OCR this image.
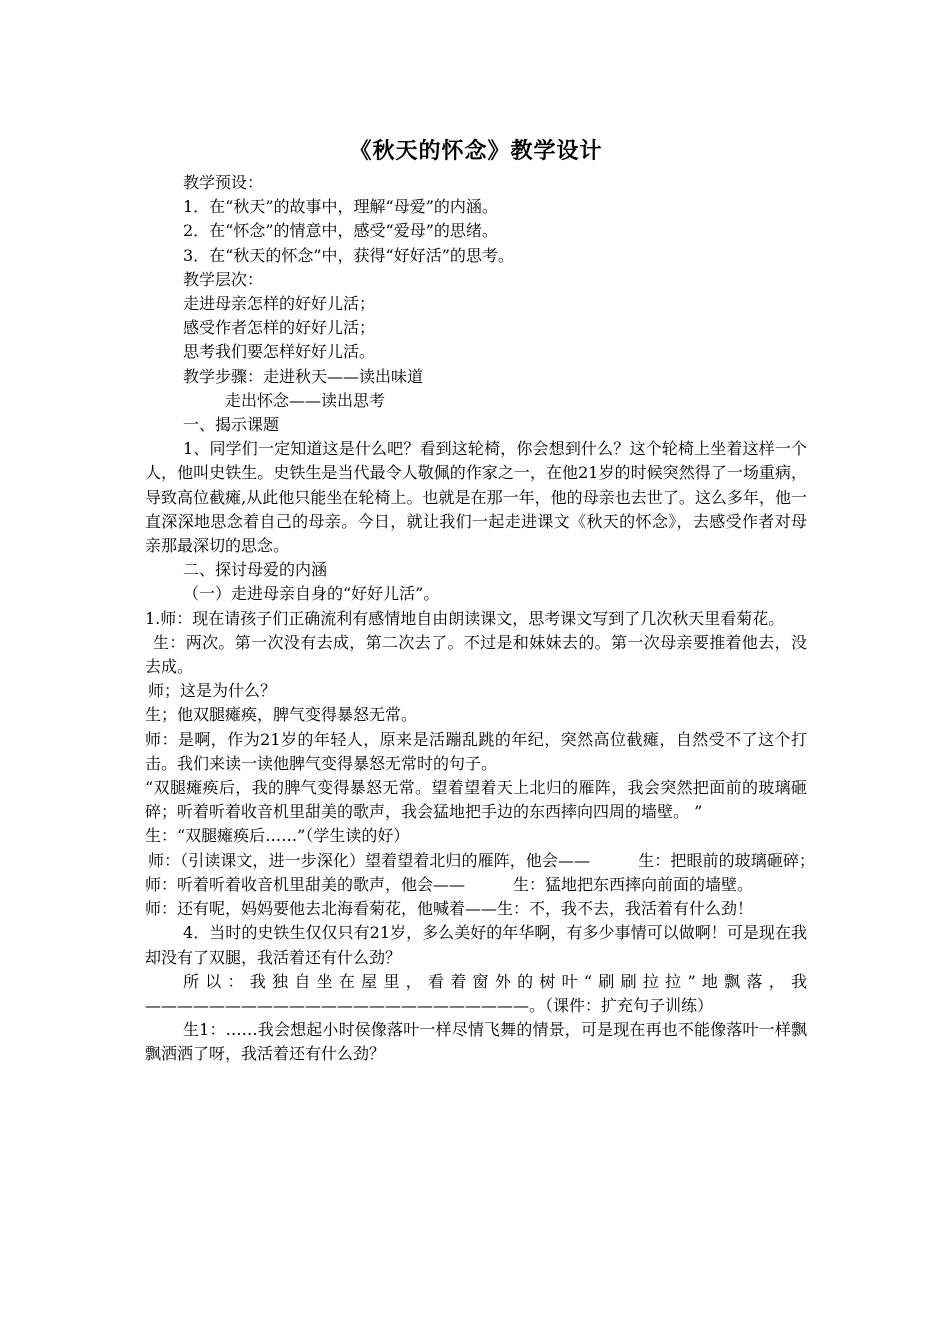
《秋天的怀念》教学设计

教学预设：

1．在“秋天”的故事中，理解“母爱”的内涵。

2．在“怀念”的情意中，感受“爱母”的思绪。

3．在“秋天的怀念”中，获得“好好活”的思考。

教学层次：

走进母亲怎样的好好儿活；

感受作者怎样的好好儿活；

思考我们要怎样好好儿活。

教学步骤：走进秋天——读出味道

走出怀念——读出思考

一、揭示课题

1、同学们一定知道这是什么吧？看到这轮椅，你会想到什么？这个轮椅上坐着这样一个人，他叫史铁生。史铁生是当代最令人敬佩的作家之一，在他21岁的时候突然得了一场重病，导致高位截瘫,从此他只能坐在轮椅上。也就是在那一年，他的母亲也去世了。这么多年，他一直深深地思念着自己的母亲。今日，就让我们一起走进课文《秋天的怀念》，去感受作者对母亲那最深切的思念。

二、探讨母爱的内涵

（一）走进母亲自身的“好好儿活”。

1.师：现在请孩子们正确流利有感情地自由朗读课文，思考课文写到了几次秋天里看菊花。

生：两次。第一次没有去成，第二次去了。不过是和妹妹去的。第一次母亲要推着他去，没去成。

师；这是为什么？

生；他双腿瘫痪，脾气变得暴怒无常。

师：是啊，作为21岁的年轻人，原来是活蹦乱跳的年纪，突然高位截瘫，自然受不了这个打击。我们来读一读他脾气变得暴怒无常时的句子。

“双腿瘫痪后，我的脾气变得暴怒无常。望着望着天上北归的雁阵，我会突然把面前的玻璃砸碎；听着听着收音机里甜美的歌声，我会猛地把手边的东西摔向四周的墙壁。 ”

生：“双腿瘫痪后……”（学生读的好）

师：（引读课文，进一步深化）望着望着北归的雁阵，他会——　　　生：把眼前的玻璃砸碎；　　　师：听着听着收音机里甜美的歌声，他会——　　　生：猛地把东西摔向前面的墙壁。

师：还有呢，妈妈要他去北海看菊花，他喊着——生：不，我不去，我活着有什么劲！

4．当时的史铁生仅仅只有21岁，多么美好的年华啊，有多少事情可以做啊！可是现在我却没有了双腿，我活着还有什么劲？

所以：我独自坐在屋里，看着窗外的树叶“刷刷拉拉”地飘落，我————————————————————————。（课件：扩充句子训练）

生1：……我会想起小时侯像落叶一样尽情飞舞的情景，可是现在再也不能像落叶一样飘飘洒洒了呀，我活着还有什么劲？
